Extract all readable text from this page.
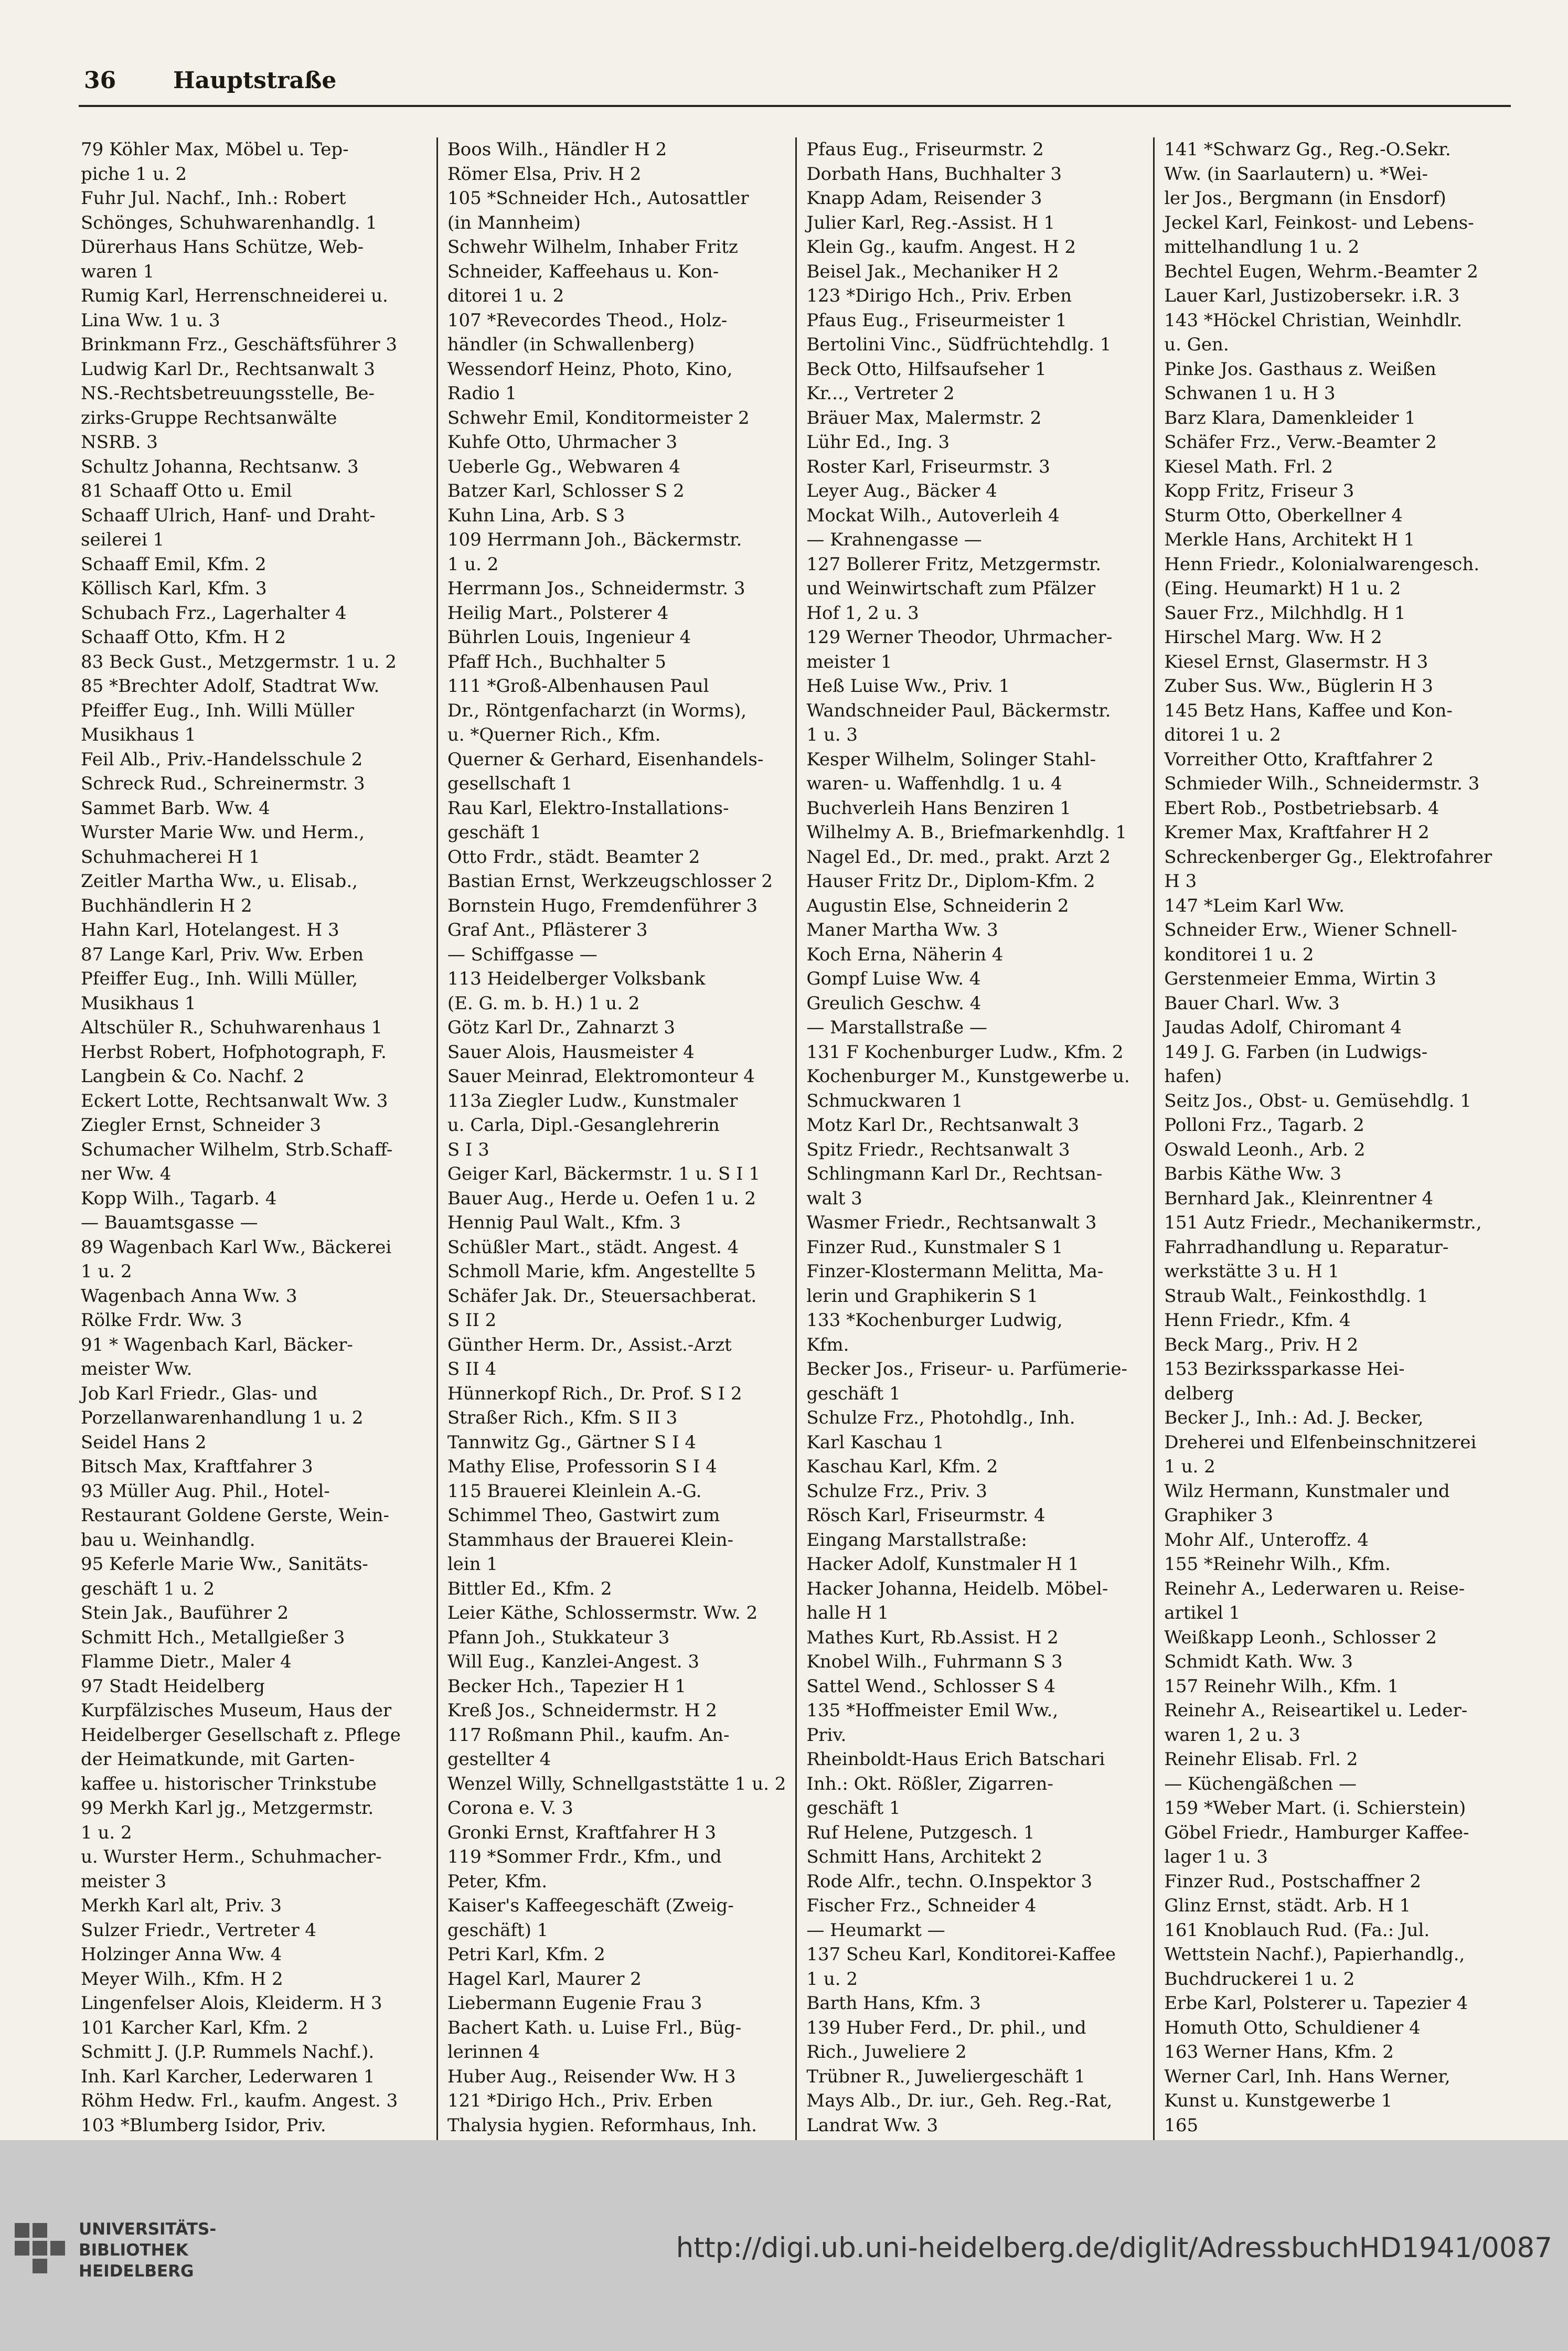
36 Hauptstraße
79 Köhler Max, Möbel u. Tep-
piche 1 u. 2
Fuhr Jul. Nachf., Inh.: Robert
Schönges, Schuhwarenhandlg. 1
Dürerhaus Hans Schütze, Web-
waren 1
Rumig Karl, Herrenschneiderei u.
Lina Ww. 1 u. 3
Brinkmann Frz., Geschäftsführer 3
Ludwig Karl Dr., Rechtsanwalt 3
NS.-Rechtsbetreuungsstelle, Be-
zirks-Gruppe Rechtsanwälte
NSRB. 3
Schultz Johanna, Rechtsanw. 3
81 Schaaff Otto u. Emil
Schaaff Ulrich, Hanf- und Draht-
seilerei 1
Schaaff Emil, Kfm. 2
Köllisch Karl, Kfm. 3
Schubach Frz., Lagerhalter 4
Schaaff Otto, Kfm. H 2
83 Beck Gust., Metzgermstr. 1 u. 2
85 *Brechter Adolf, Stadtrat Ww.
Pfeiffer Eug., Inh. Willi Müller
Musikhaus 1
Feil Alb., Priv.-Handelsschule 2
Schreck Rud., Schreinermstr. 3
Sammet Barb. Ww. 4
Wurster Marie Ww. und Herm.,
Schuhmacherei H 1
Zeitler Martha Ww., u. Elisab.,
Buchhändlerin H 2
Hahn Karl, Hotelangest. H 3
87 Lange Karl, Priv. Ww. Erben
Pfeiffer Eug., Inh. Willi Müller,
Musikhaus 1
Altschüler R., Schuhwarenhaus 1
Herbst Robert, Hofphotograph, F.
Langbein & Co. Nachf. 2
Eckert Lotte, Rechtsanwalt Ww. 3
Ziegler Ernst, Schneider 3
Schumacher Wilhelm, Strb.Schaff-
ner Ww. 4
Kopp Wilh., Tagarb. 4
— Bauamtsgasse —
89 Wagenbach Karl Ww., Bäckerei
1 u. 2
Wagenbach Anna Ww. 3
Rölke Frdr. Ww. 3
91 * Wagenbach Karl, Bäcker-
meister Ww.
Job Karl Friedr., Glas- und
Porzellanwarenhandlung 1 u. 2
Seidel Hans 2
Bitsch Max, Kraftfahrer 3
93 Müller Aug. Phil., Hotel-
Restaurant Goldene Gerste, Wein-
bau u. Weinhandlg.
95 Keferle Marie Ww., Sanitäts-
geschäft 1 u. 2
Stein Jak., Bauführer 2
Schmitt Hch., Metallgießer 3
Flamme Dietr., Maler 4
97 Stadt Heidelberg
Kurpfälzisches Museum, Haus der
Heidelberger Gesellschaft z. Pflege
der Heimatkunde, mit Garten-
kaffee u. historischer Trinkstube
99 Merkh Karl jg., Metzgermstr.
1 u. 2
u. Wurster Herm., Schuhmacher-
meister 3
Merkh Karl alt, Priv. 3
Sulzer Friedr., Vertreter 4
Holzinger Anna Ww. 4
Meyer Wilh., Kfm. H 2
Lingenfelser Alois, Kleiderm. H 3
101 Karcher Karl, Kfm. 2
Schmitt J. (J.P. Rummels Nachf.).
Inh. Karl Karcher, Lederwaren 1
Röhm Hedw. Frl., kaufm. Angest. 3
103 *Blumberg Isidor, Priv.
Boos Wilh., Händler H 2
Römer Elsa, Priv. H 2
105 *Schneider Hch., Autosattler
(in Mannheim)
Schwehr Wilhelm, Inhaber Fritz
Schneider, Kaffeehaus u. Kon-
ditorei 1 u. 2
107 *Revecordes Theod., Holz-
händler (in Schwallenberg)
Wessendorf Heinz, Photo, Kino,
Radio 1
Schwehr Emil, Konditormeister 2
Kuhfe Otto, Uhrmacher 3
Ueberle Gg., Webwaren 4
Batzer Karl, Schlosser S 2
Kuhn Lina, Arb. S 3
109 Herrmann Joh., Bäckermstr.
1 u. 2
Herrmann Jos., Schneidermstr. 3
Heilig Mart., Polsterer 4
Bührlen Louis, Ingenieur 4
Pfaff Hch., Buchhalter 5
111 *Groß-Albenhausen Paul
Dr., Röntgenfacharzt (in Worms),
u. *Querner Rich., Kfm.
Querner & Gerhard, Eisenhandels-
gesellschaft 1
Rau Karl, Elektro-Installations-
geschäft 1
Otto Frdr., städt. Beamter 2
Bastian Ernst, Werkzeugschlosser 2
Bornstein Hugo, Fremdenführer 3
Graf Ant., Pflästerer 3
— Schiffgasse —
113 Heidelberger Volksbank
(E. G. m. b. H.) 1 u. 2
Götz Karl Dr., Zahnarzt 3
Sauer Alois, Hausmeister 4
Sauer Meinrad, Elektromonteur 4
113a Ziegler Ludw., Kunstmaler
u. Carla, Dipl.-Gesanglehrerin
S I 3
Geiger Karl, Bäckermstr. 1 u. S I 1
Bauer Aug., Herde u. Oefen 1 u. 2
Hennig Paul Walt., Kfm. 3
Schüßler Mart., städt. Angest. 4
Schmoll Marie, kfm. Angestellte 5
Schäfer Jak. Dr., Steuersachberat.
S II 2
Günther Herm. Dr., Assist.-Arzt
S II 4
Hünnerkopf Rich., Dr. Prof. S I 2
Straßer Rich., Kfm. S II 3
Tannwitz Gg., Gärtner S I 4
Mathy Elise, Professorin S I 4
115 Brauerei Kleinlein A.-G.
Schimmel Theo, Gastwirt zum
Stammhaus der Brauerei Klein-
lein 1
Bittler Ed., Kfm. 2
Leier Käthe, Schlossermstr. Ww. 2
Pfann Joh., Stukkateur 3
Will Eug., Kanzlei-Angest. 3
Becker Hch., Tapezier H 1
Kreß Jos., Schneidermstr. H 2
117 Roßmann Phil., kaufm. An-
gestellter 4
Wenzel Willy, Schnellgaststätte 1 u. 2
Corona e. V. 3
Gronki Ernst, Kraftfahrer H 3
119 *Sommer Frdr., Kfm., und
Peter, Kfm.
Kaiser's Kaffeegeschäft (Zweig-
geschäft) 1
Petri Karl, Kfm. 2
Hagel Karl, Maurer 2
Liebermann Eugenie Frau 3
Bachert Kath. u. Luise Frl., Büg-
lerinnen 4
Huber Aug., Reisender Ww. H 3
121 *Dirigo Hch., Priv. Erben
Thalysia hygien. Reformhaus, Inh.
Pfaus Eug., Friseurmstr. 2
Dorbath Hans, Buchhalter 3
Knapp Adam, Reisender 3
Julier Karl, Reg.-Assist. H 1
Klein Gg., kaufm. Angest. H 2
Beisel Jak., Mechaniker H 2
123 *Dirigo Hch., Priv. Erben
Pfaus Eug., Friseurmeister 1
Bertolini Vinc., Südfrüchtehdlg. 1
Beck Otto, Hilfsaufseher 1
Kr..., Vertreter 2
Bräuer Max, Malermstr. 2
Lühr Ed., Ing. 3
Roster Karl, Friseurmstr. 3
Leyer Aug., Bäcker 4
Mockat Wilh., Autoverleih 4
— Krahnengasse —
127 Bollerer Fritz, Metzgermstr.
und Weinwirtschaft zum Pfälzer
Hof 1, 2 u. 3
129 Werner Theodor, Uhrmacher-
meister 1
Heß Luise Ww., Priv. 1
Wandschneider Paul, Bäckermstr.
1 u. 3
Kesper Wilhelm, Solinger Stahl-
waren- u. Waffenhdlg. 1 u. 4
Buchverleih Hans Benziren 1
Wilhelmy A. B., Briefmarkenhdlg. 1
Nagel Ed., Dr. med., prakt. Arzt 2
Hauser Fritz Dr., Diplom-Kfm. 2
Augustin Else, Schneiderin 2
Maner Martha Ww. 3
Koch Erna, Näherin 4
Gompf Luise Ww. 4
Greulich Geschw. 4
— Marstallstraße —
131 F Kochenburger Ludw., Kfm. 2
Kochenburger M., Kunstgewerbe u.
Schmuckwaren 1
Motz Karl Dr., Rechtsanwalt 3
Spitz Friedr., Rechtsanwalt 3
Schlingmann Karl Dr., Rechtsan-
walt 3
Wasmer Friedr., Rechtsanwalt 3
Finzer Rud., Kunstmaler S 1
Finzer-Klostermann Melitta, Ma-
lerin und Graphikerin S 1
133 *Kochenburger Ludwig,
Kfm.
Becker Jos., Friseur- u. Parfümerie-
geschäft 1
Schulze Frz., Photohdlg., Inh.
Karl Kaschau 1
Kaschau Karl, Kfm. 2
Schulze Frz., Priv. 3
Rösch Karl, Friseurmstr. 4
Eingang Marstallstraße:
Hacker Adolf, Kunstmaler H 1
Hacker Johanna, Heidelb. Möbel-
halle H 1
Mathes Kurt, Rb.Assist. H 2
Knobel Wilh., Fuhrmann S 3
Sattel Wend., Schlosser S 4
135 *Hoffmeister Emil Ww.,
Priv.
Rheinboldt-Haus Erich Batschari
Inh.: Okt. Rößler, Zigarren-
geschäft 1
Ruf Helene, Putzgesch. 1
Schmitt Hans, Architekt 2
Rode Alfr., techn. O.Inspektor 3
Fischer Frz., Schneider 4
— Heumarkt —
137 Scheu Karl, Konditorei-Kaffee
1 u. 2
Barth Hans, Kfm. 3
139 Huber Ferd., Dr. phil., und
Rich., Juweliere 2
Trübner R., Juweliergeschäft 1
Mays Alb., Dr. iur., Geh. Reg.-Rat,
Landrat Ww. 3
141 *Schwarz Gg., Reg.-O.Sekr.
Ww. (in Saarlautern) u. *Wei-
ler Jos., Bergmann (in Ensdorf)
Jeckel Karl, Feinkost- und Lebens-
mittelhandlung 1 u. 2
Bechtel Eugen, Wehrm.-Beamter 2
Lauer Karl, Justizobersekr. i.R. 3
143 *Höckel Christian, Weinhdlr.
u. Gen.
Pinke Jos. Gasthaus z. Weißen
Schwanen 1 u. H 3
Barz Klara, Damenkleider 1
Schäfer Frz., Verw.-Beamter 2
Kiesel Math. Frl. 2
Kopp Fritz, Friseur 3
Sturm Otto, Oberkellner 4
Merkle Hans, Architekt H 1
Henn Friedr., Kolonialwarengesch.
(Eing. Heumarkt) H 1 u. 2
Sauer Frz., Milchhdlg. H 1
Hirschel Marg. Ww. H 2
Kiesel Ernst, Glasermstr. H 3
Zuber Sus. Ww., Büglerin H 3
145 Betz Hans, Kaffee und Kon-
ditorei 1 u. 2
Vorreither Otto, Kraftfahrer 2
Schmieder Wilh., Schneidermstr. 3
Ebert Rob., Postbetriebsarb. 4
Kremer Max, Kraftfahrer H 2
Schreckenberger Gg., Elektrofahrer
H 3
147 *Leim Karl Ww.
Schneider Erw., Wiener Schnell-
konditorei 1 u. 2
Gerstenmeier Emma, Wirtin 3
Bauer Charl. Ww. 3
Jaudas Adolf, Chiromant 4
149 J. G. Farben (in Ludwigs-
hafen)
Seitz Jos., Obst- u. Gemüsehdlg. 1
Polloni Frz., Tagarb. 2
Oswald Leonh., Arb. 2
Barbis Käthe Ww. 3
Bernhard Jak., Kleinrentner 4
151 Autz Friedr., Mechanikermstr.,
Fahrradhandlung u. Reparatur-
werkstätte 3 u. H 1
Straub Walt., Feinkosthdlg. 1
Henn Friedr., Kfm. 4
Beck Marg., Priv. H 2
153 Bezirkssparkasse Hei-
delberg
Becker J., Inh.: Ad. J. Becker,
Dreherei und Elfenbeinschnitzerei
1 u. 2
Wilz Hermann, Kunstmaler und
Graphiker 3
Mohr Alf., Unteroffz. 4
155 *Reinehr Wilh., Kfm.
Reinehr A., Lederwaren u. Reise-
artikel 1
Weißkapp Leonh., Schlosser 2
Schmidt Kath. Ww. 3
157 Reinehr Wilh., Kfm. 1
Reinehr A., Reiseartikel u. Leder-
waren 1, 2 u. 3
Reinehr Elisab. Frl. 2
— Küchengäßchen —
159 *Weber Mart. (i. Schierstein)
Göbel Friedr., Hamburger Kaffee-
lager 1 u. 3
Finzer Rud., Postschaffner 2
Glinz Ernst, städt. Arb. H 1
161 Knoblauch Rud. (Fa.: Jul.
Wettstein Nachf.), Papierhandlg.,
Buchdruckerei 1 u. 2
Erbe Karl, Polsterer u. Tapezier 4
Homuth Otto, Schuldiener 4
163 Werner Hans, Kfm. 2
Werner Carl, Inh. Hans Werner,
Kunst u. Kunstgewerbe 1
165
UNIVERSITÄTS-
BIBLIOTHEK
HEIDELBERG
http://digi.ub.uni-heidelberg.de/diglit/AdressbuchHD1941/0087
